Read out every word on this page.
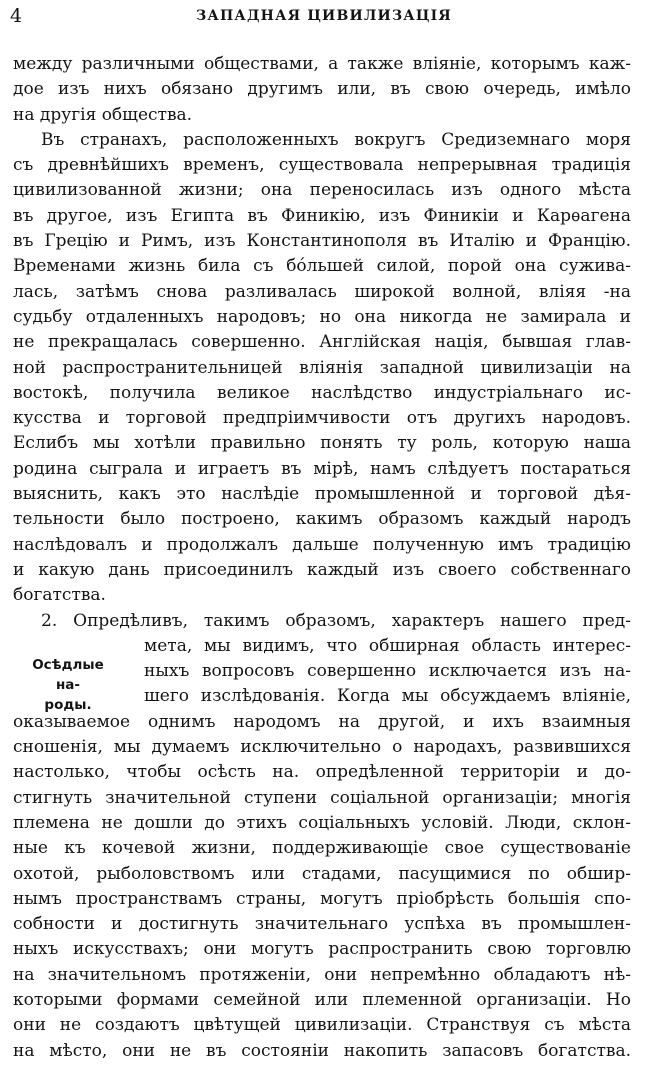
4	ЗАПАДНАЯ ЦИВИЛИЗАЦІЯ
Осѣдлые на-
роды.
между различными обществами, а также вліяніе, которымъ каж-
дое изъ нихъ обязано другимъ или, въ свою очередь, имѣло
на другія общества.
Въ странахъ, расположенныхъ вокругъ Средиземнаго моря
съ древнѣйшихъ временъ, существовала непрерывная традиція
цивилизованной жизни; она переносилась изъ одного мѣста
въ другое, изъ Египта въ Финикію, изъ Финикіи и Карѳагена
въ Грецію и Римъ, изъ Константинополя въ Италію и Францію.
Временами жизнь била съ бóльшей силой, порой она сужива-
лась, затѣмъ снова разливалась широкой волной, вліяя -на
судьбу отдаленныхъ народовъ; но она никогда не замирала и
не прекращалась совершенно. Англійская нація, бывшая глав-
ной распространительницей вліянія западной цивилизаціи на
востокѣ, получила великое наслѣдство индустріальнаго ис-
кусства и торговой предпріимчивости отъ другихъ народовъ.
Еслибъ мы хотѣли правильно понять ту роль, которую наша
родина сыграла и играетъ въ мірѣ, намъ слѣдуетъ постараться
выяснить, какъ это наслѣдіе промышленной и торговой дѣя-
тельности было построено, какимъ образомъ каждый народъ
наслѣдовалъ и продолжалъ дальше полученную имъ традицію
и какую дань присоединилъ каждый изъ своего собственнаго
богатства.
2. Опредѣливъ, такимъ образомъ, характеръ нашего пред-
мета, мы видимъ, что обширная область интерес-
ныхъ вопросовъ совершенно исключается изъ на-
шего изслѣдованія. Когда мы обсуждаемъ вліяніе,
оказываемое однимъ народомъ на другой, и ихъ взаимныя
сношенія, мы думаемъ исключительно о народахъ, развившихся
настолько, чтобы осѣсть на. опредѣленной территоріи и до-
стигнуть значительной ступени соціальной организаціи; многія
племена не дошли до этихъ соціальныхъ условій. Люди, склон-
ные къ кочевой жизни, поддерживающіе свое существованіе
охотой, рыболовствомъ или стадами, пасущимися по обшир-
нымъ пространствамъ страны, могутъ пріобрѣсть большія спо-
собности и достигнуть значительнаго успѣха въ промышлен-
ныхъ искусствахъ; они могутъ распространить свою торговлю
на значительномъ протяженіи, они непремѣнно обладаютъ нѣ-
которыми формами семейной или племенной организаціи. Но
они не создаютъ цвѣтущей цивилизаціи. Странствуя съ мѣста
на мѣсто, они не въ состояніи накопить запасовъ богатства.
